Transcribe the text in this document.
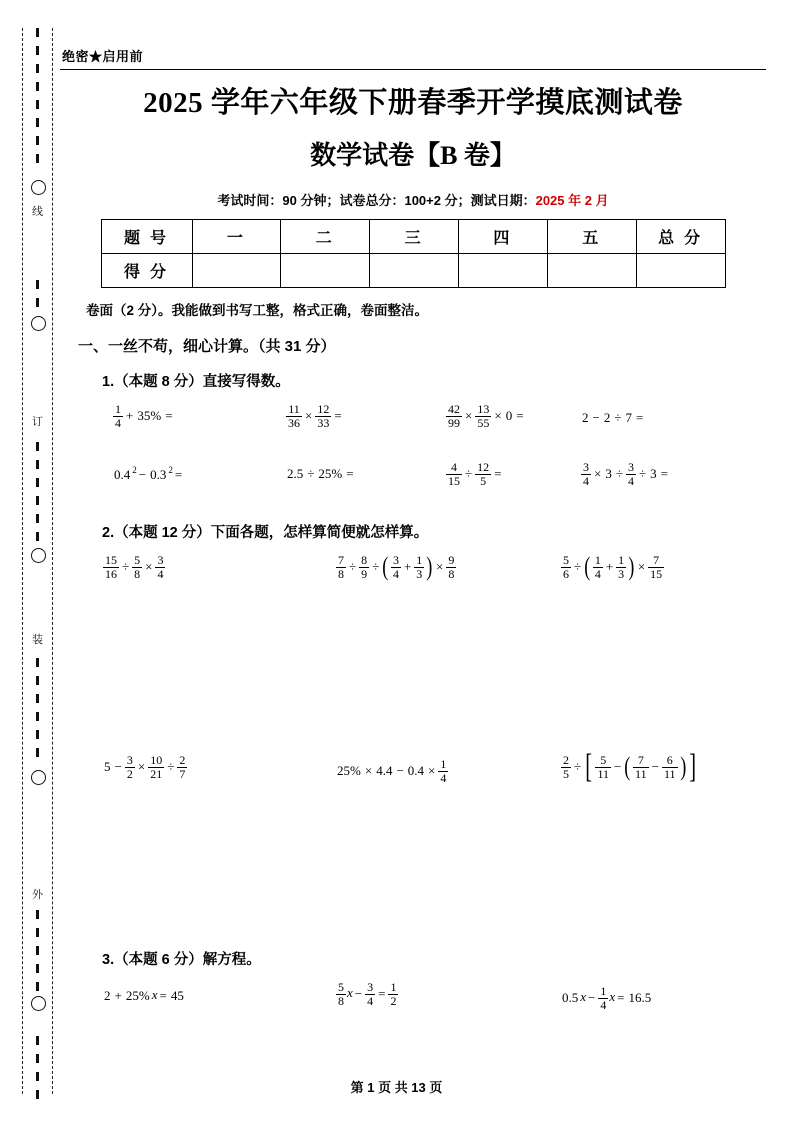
线
订
装
外
绝密★启用前
2025 学年六年级下册春季开学摸底测试卷
数学试卷【B 卷】
考试时间：90 分钟；试卷总分：100+2 分；测试日期：2025 年 2 月
题 号	一	二	三	四	五	总 分
得 分						
卷面（2 分）。我能做到书写工整，格式正确，卷面整洁。
一、一丝不苟，细心计算。（共 31 分）
1.（本题 8 分）直接写得数。
$\frac{1}{4} + 35\%$ =	$\frac{11}{36} \times \frac{12}{33}$ =	$\frac{42}{99} \times \frac{13}{55} \times 0$ =	2 − 2 ÷ 7 =
0.4 $^2$ − 0.3 $^2$ =	2.5 ÷ 25% =	$\frac{4}{15} \div \frac{12}{5}$ =	$\frac{3}{4} \times 3 \div \frac{3}{4} \div 3$ =
2.（本题 12 分）下面各题，怎样算简便就怎样算。
$\frac{15}{16} \div \frac{5}{8} \times \frac{3}{4}$	$\frac{7}{8} \div \frac{8}{9}$ ÷ ( $\frac{3}{4} + \frac{1}{3}$ ) × $\frac{9}{8}$	$\frac{5}{6}$ ÷ ( $\frac{1}{4} + \frac{1}{3}$ ) × $\frac{7}{15}$
$5 - \frac{3}{2} \times \frac{10}{21} \div \frac{2}{7}$	$25\% \times 4.4 - 0.4 \times \frac{1}{4}$	$\frac{2}{5}$ ÷ [ $\frac{5}{11}$ − ( $\frac{7}{11} - \frac{6}{11}$ ) ]
3.（本题 6 分）解方程。
2 + 25% x = 45	$\frac{5}{8}$ $x - \frac{3}{4} = \frac{1}{2}$	0.5 $x - \frac{1}{4}$ x = 16.5
第 1 页 共 13 页
